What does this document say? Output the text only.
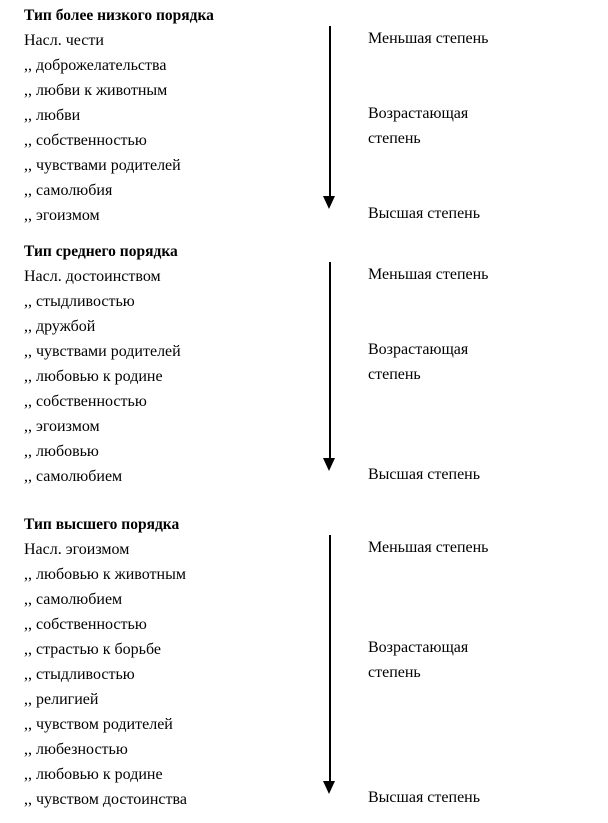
Тип более низкого порядка
Насл. чести
,, доброжелательства
,, любви к животным
,, любви
,, собственностью
,, чувствами родителей
,, самолюбия
,, эгоизмом
Меньшая степень
Возрастающая
степень
Высшая степень
Тип среднего порядка
Насл. достоинством
,, стыдливостью
,, дружбой
,, чувствами родителей
,, любовью к родине
,, собственностью
,, эгоизмом
,, любовью
,, самолюбием
Меньшая степень
Возрастающая
степень
Высшая степень
Тип высшего порядка
Насл. эгоизмом
,, любовью к животным
,, самолюбием
,, собственностью
,, страстью к борьбе
,, стыдливостью
,, религией
,, чувством родителей
,, любезностью
,, любовью к родине
,, чувством достоинства
Меньшая степень
Возрастающая
степень
Высшая степень
